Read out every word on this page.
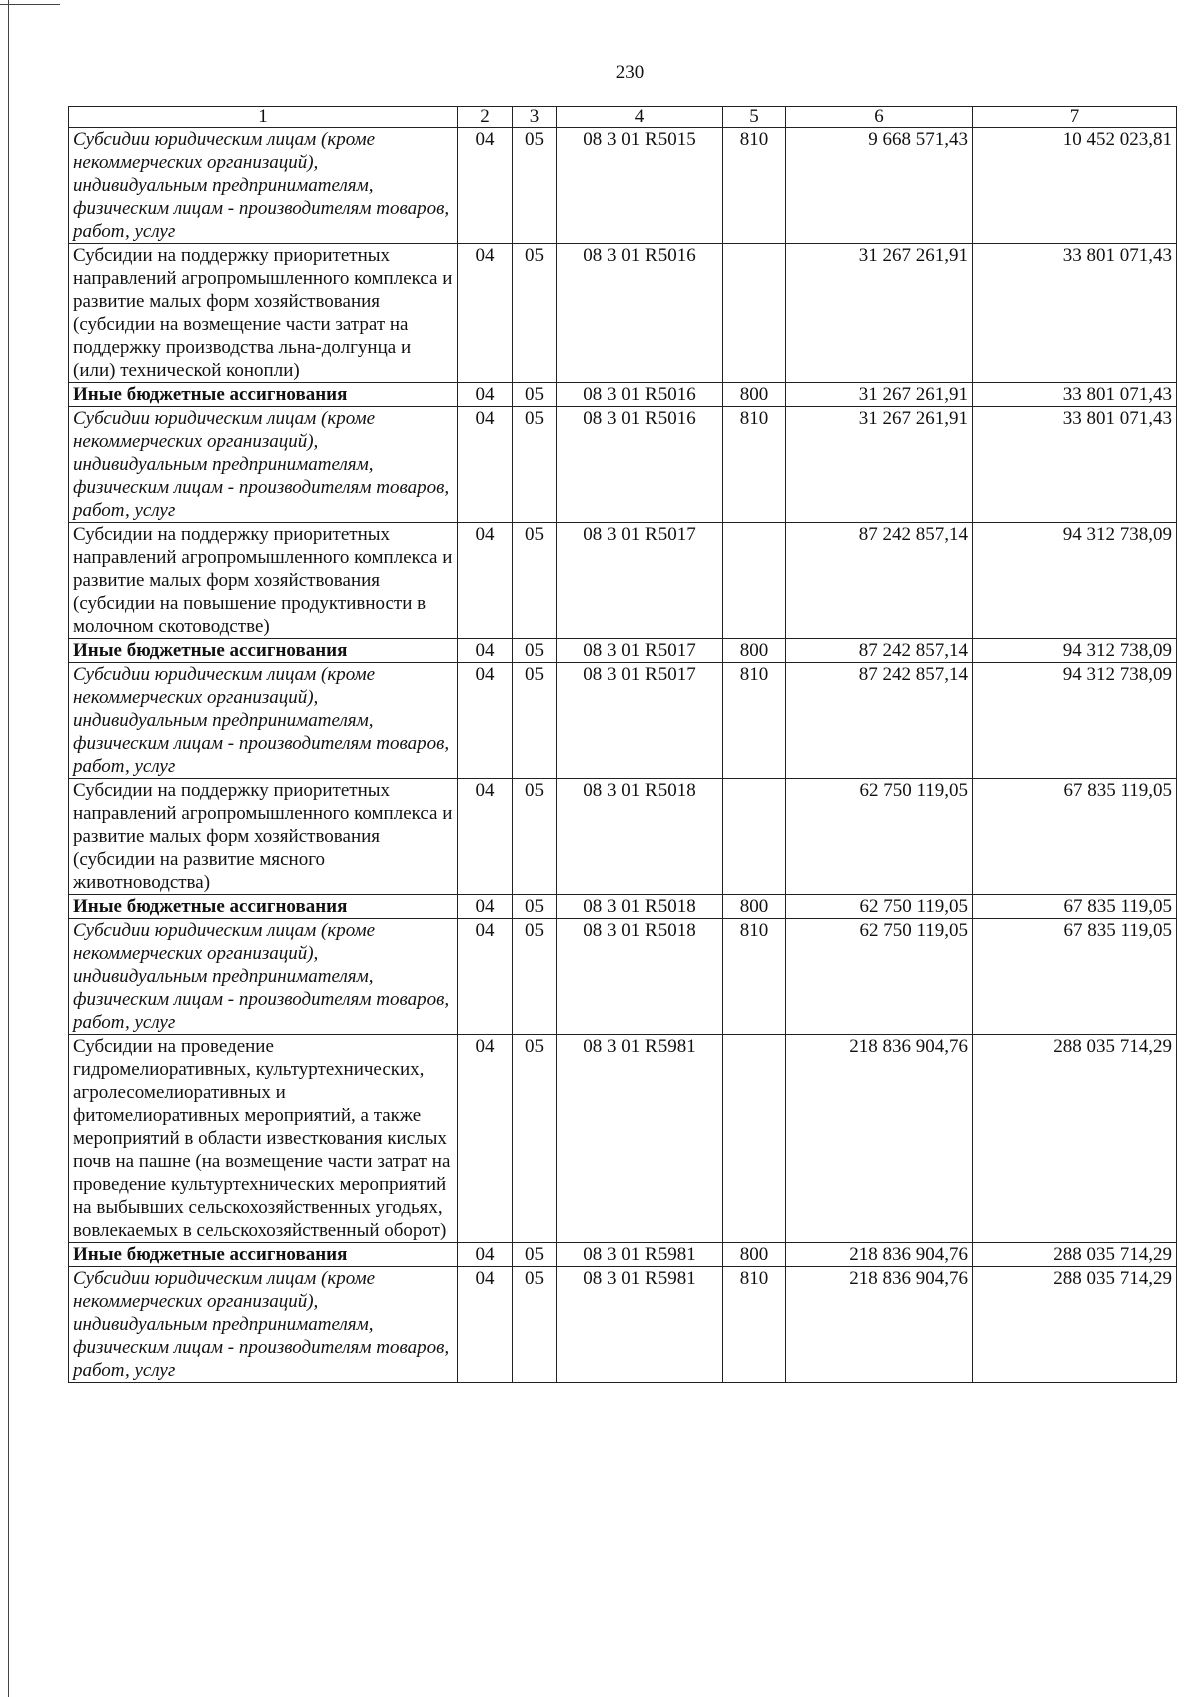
230
1	2	3	4	5	6	7
Субсидии юридическим лицам (кроме некоммерческих организаций), индивидуальным предпринимателям, физическим лицам - производителям товаров, работ, услуг	04	05	08 3 01 R5015	810	9 668 571,43	10 452 023,81
Субсидии на поддержку приоритетных направлений агропромышленного комплекса и развитие малых форм хозяйствования (субсидии на возмещение части затрат на поддержку производства льна-долгунца и (или) технической конопли)	04	05	08 3 01 R5016		31 267 261,91	33 801 071,43
Иные бюджетные ассигнования	04	05	08 3 01 R5016	800	31 267 261,91	33 801 071,43
Субсидии юридическим лицам (кроме некоммерческих организаций), индивидуальным предпринимателям, физическим лицам - производителям товаров, работ, услуг	04	05	08 3 01 R5016	810	31 267 261,91	33 801 071,43
Субсидии на поддержку приоритетных направлений агропромышленного комплекса и развитие малых форм хозяйствования (субсидии на повышение продуктивности в молочном скотоводстве)	04	05	08 3 01 R5017		87 242 857,14	94 312 738,09
Иные бюджетные ассигнования	04	05	08 3 01 R5017	800	87 242 857,14	94 312 738,09
Субсидии юридическим лицам (кроме некоммерческих организаций), индивидуальным предпринимателям, физическим лицам - производителям товаров, работ, услуг	04	05	08 3 01 R5017	810	87 242 857,14	94 312 738,09
Субсидии на поддержку приоритетных направлений агропромышленного комплекса и развитие малых форм хозяйствования (субсидии на развитие мясного животноводства)	04	05	08 3 01 R5018		62 750 119,05	67 835 119,05
Иные бюджетные ассигнования	04	05	08 3 01 R5018	800	62 750 119,05	67 835 119,05
Субсидии юридическим лицам (кроме некоммерческих организаций), индивидуальным предпринимателям, физическим лицам - производителям товаров, работ, услуг	04	05	08 3 01 R5018	810	62 750 119,05	67 835 119,05
Субсидии на проведение гидромелиоративных, культуртехнических, агролесомелиоративных и фитомелиоративных мероприятий, а также мероприятий в области известкования кислых почв на пашне (на возмещение части затрат на проведение культуртехнических мероприятий на выбывших сельскохозяйственных угодьях, вовлекаемых в сельскохозяйственный оборот)	04	05	08 3 01 R5981		218 836 904,76	288 035 714,29
Иные бюджетные ассигнования	04	05	08 3 01 R5981	800	218 836 904,76	288 035 714,29
Субсидии юридическим лицам (кроме некоммерческих организаций), индивидуальным предпринимателям, физическим лицам - производителям товаров, работ, услуг	04	05	08 3 01 R5981	810	218 836 904,76	288 035 714,29
